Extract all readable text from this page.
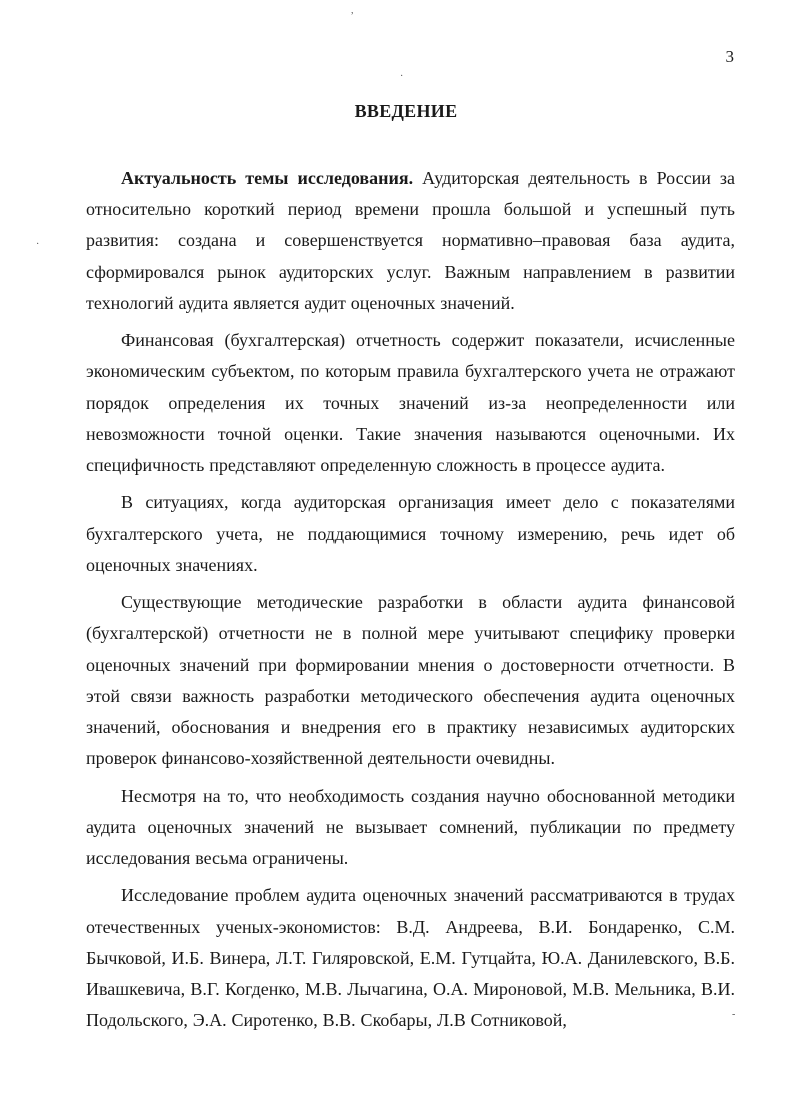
3
ВВЕДЕНИЕ

Актуальность темы исследования. Аудиторская деятельность в России за относительно короткий период времени прошла большой и успешный путь развития: создана и совершенствуется нормативно–правовая база аудита, сформировался рынок аудиторских услуг. Важным направлением в развитии технологий аудита является аудит оценочных значений.

Финансовая (бухгалтерская) отчетность содержит показатели, исчисленные экономическим субъектом, по которым правила бухгалтерского учета не отражают порядок определения их точных значений из-за неопределенности или невозможности точной оценки. Такие значения называются оценочными. Их специфичность представляют определенную сложность в процессе аудита.

В ситуациях, когда аудиторская организация имеет дело с показателями бухгалтерского учета, не поддающимися точному измерению, речь идет об оценочных значениях.

Существующие методические разработки в области аудита финансовой (бухгалтерской) отчетности не в полной мере учитывают специфику проверки оценочных значений при формировании мнения о достоверности отчетности. В этой связи важность разработки методического обеспечения аудита оценочных значений, обоснования и внедрения его в практику независимых аудиторских проверок финансово-хозяйственной деятельности очевидны.

Несмотря на то, что необходимость создания научно обоснованной методики аудита оценочных значений не вызывает сомнений, публикации по предмету исследования весьма ограничены.

Исследование проблем аудита оценочных значений рассматриваются в трудах отечественных ученых-экономистов: В.Д. Андреева, В.И. Бондаренко, С.М. Бычковой, И.Б. Винера, Л.Т. Гиляровской, Е.М. Гутцайта, Ю.А. Данилевского, В.Б. Ивашкевича, В.Г. Когденко, М.В. Лычагина, О.А. Мироновой, М.В. Мельника, В.И. Подольского, Э.А. Сиротенко, В.В. Скобары, Л.В Сотниковой,

,
·
·
-
